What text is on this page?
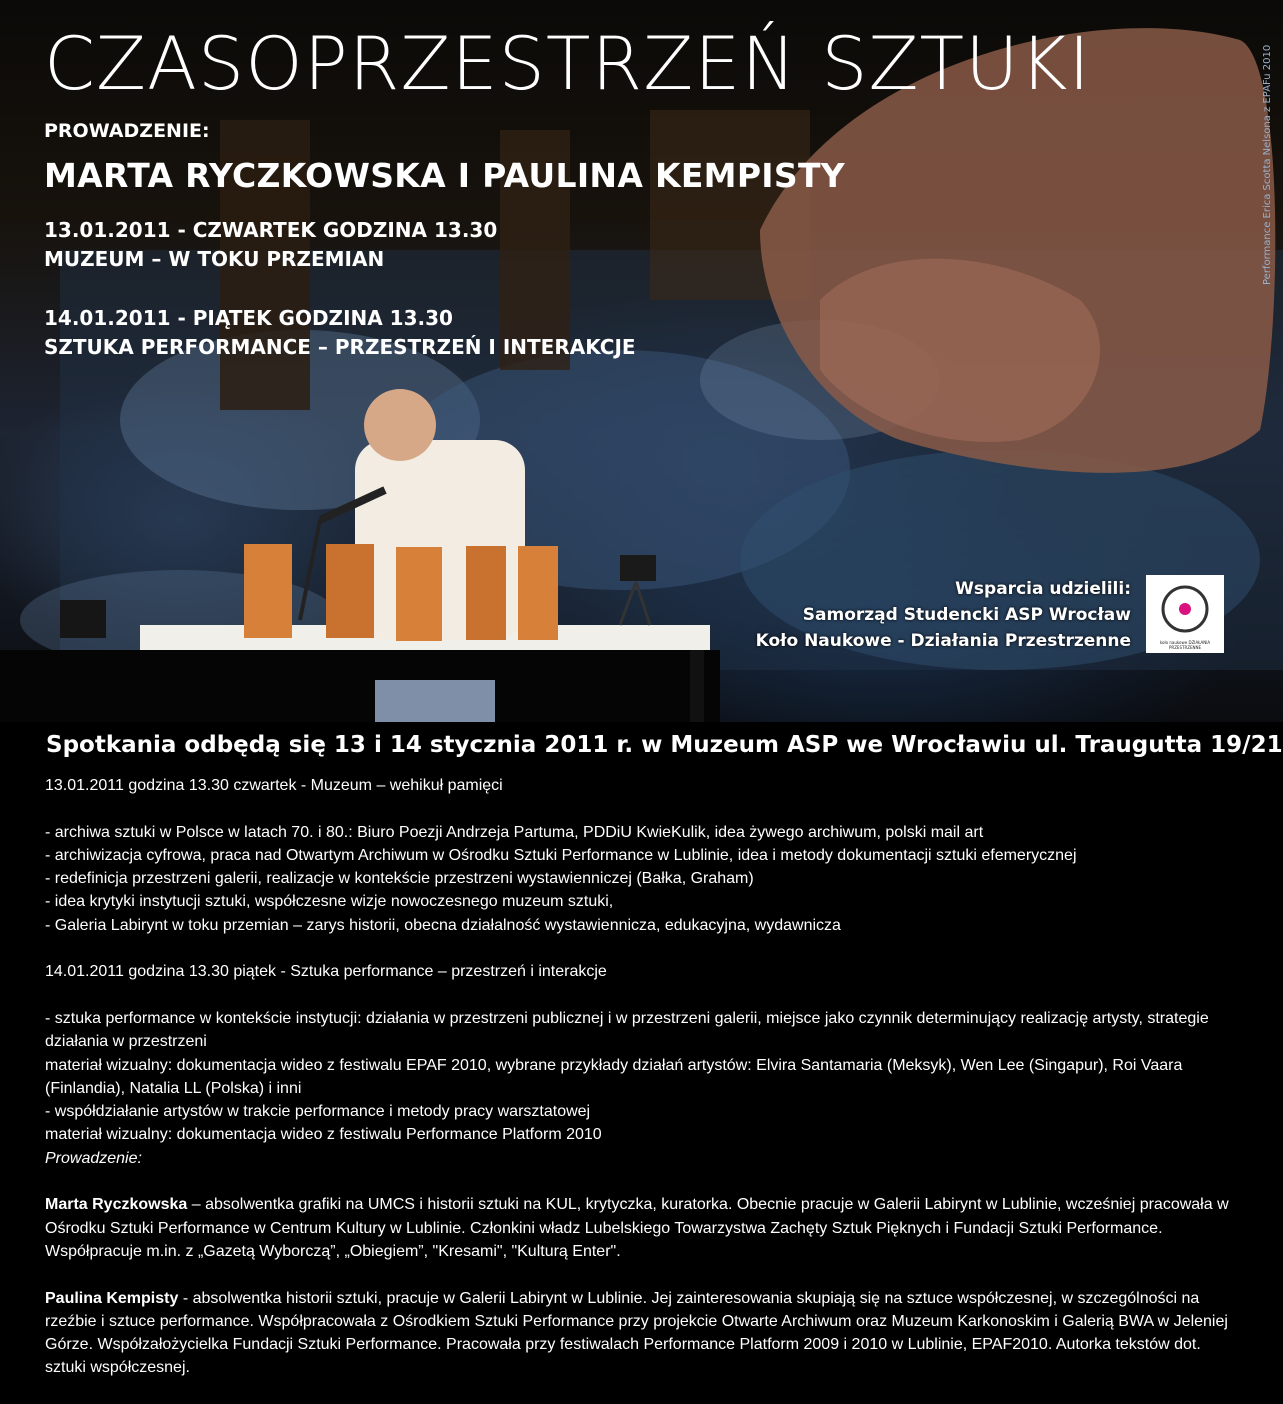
CZASOPRZESTRZEŃ SZTUKI
PROWADZENIE:
MARTA RYCZKOWSKA I PAULINA KEMPISTY
13.01.2011 - CZWARTEK GODZINA 13.30
MUZEUM – W TOKU PRZEMIAN
14.01.2011 - PIĄTEK GODZINA 13.30
SZTUKA PERFORMANCE – PRZESTRZEŃ I INTERAKCJE
Performance Erica Scotta Nelsona z EPAFu 2010
Wsparcia udzielili:
Samorząd Studencki ASP Wrocław
Koło Naukowe - Działania Przestrzenne	koło naukowe DZIAŁANIA PRZESTRZENNE
Spotkania odbędą się 13 i 14 stycznia 2011 r. w Muzeum ASP we Wrocławiu ul. Traugutta 19/21

13.01.2011 godzina 13.30 czwartek - Muzeum – wehikuł pamięci

- archiwa sztuki w Polsce w latach 70. i 80.: Biuro Poezji Andrzeja Partuma, PDDiU KwieKulik, idea żywego archiwum, polski mail art

- archiwizacja cyfrowa, praca nad Otwartym Archiwum w Ośrodku Sztuki Performance w Lublinie, idea i metody dokumentacji sztuki efemerycznej

- redefinicja przestrzeni galerii, realizacje w kontekście przestrzeni wystawienniczej (Bałka, Graham)

- idea krytyki instytucji sztuki, współczesne wizje nowoczesnego muzeum sztuki,

- Galeria Labirynt w toku przemian – zarys historii, obecna działalność wystawiennicza, edukacyjna, wydawnicza

14.01.2011 godzina 13.30 piątek - Sztuka performance – przestrzeń i interakcje

- sztuka performance w kontekście instytucji: działania w przestrzeni publicznej i w przestrzeni galerii, miejsce jako czynnik determinujący realizację artysty, strategie działania w przestrzeni

materiał wizualny: dokumentacja wideo z festiwalu EPAF 2010, wybrane przykłady działań artystów: Elvira Santamaria (Meksyk), Wen Lee (Singapur), Roi Vaara (Finlandia), Natalia LL (Polska) i inni

- współdziałanie artystów w trakcie performance i metody pracy warsztatowej

materiał wizualny: dokumentacja wideo z festiwalu Performance Platform 2010

Prowadzenie:

Marta Ryczkowska – absolwentka grafiki na UMCS i historii sztuki na KUL, krytyczka, kuratorka. Obecnie pracuje w Galerii Labirynt w Lublinie, wcześniej pracowała w Ośrodku Sztuki Performance w Centrum Kultury w Lublinie. Członkini władz Lubelskiego Towarzystwa Zachęty Sztuk Pięknych i Fundacji Sztuki Performance. Współpracuje m.in. z „Gazetą Wyborczą”, „Obiegiem”, "Kresami", "Kulturą Enter".

Paulina Kempisty - absolwentka historii sztuki, pracuje w Galerii Labirynt w Lublinie. Jej zainteresowania skupiają się na sztuce współczesnej, w szczególności na rzeźbie i sztuce performance. Współpracowała z Ośrodkiem Sztuki Performance przy projekcie Otwarte Archiwum oraz Muzeum Karkonoskim i Galerią BWA w Jeleniej Górze. Współzałożycielka Fundacji Sztuki Performance. Pracowała przy festiwalach Performance Platform 2009 i 2010 w Lublinie, EPAF2010. Autorka tekstów dot. sztuki współczesnej.
